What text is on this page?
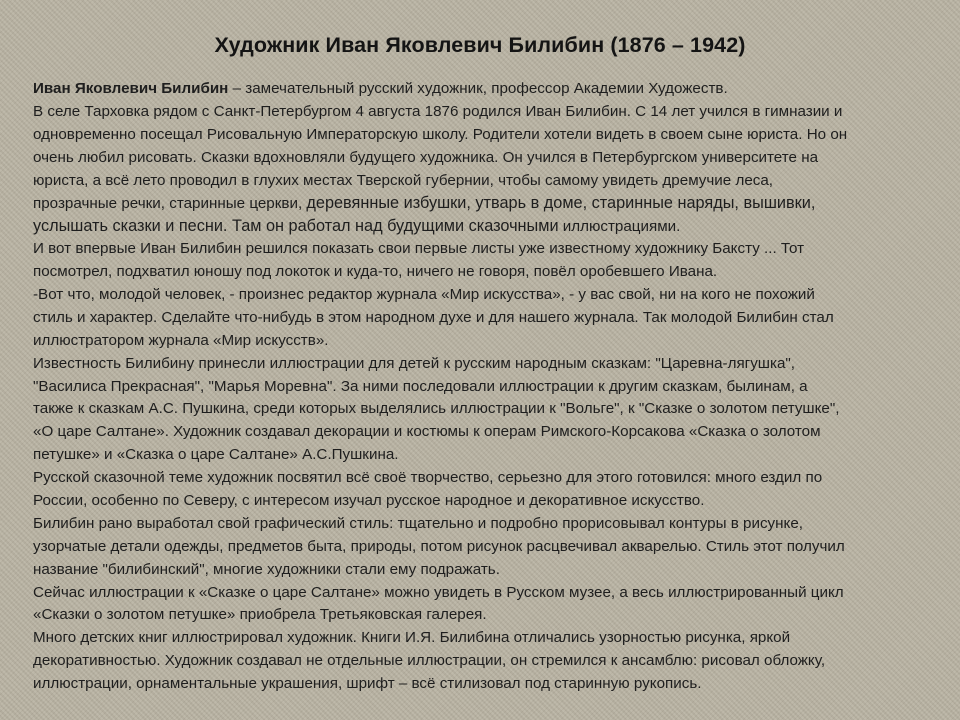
Художник Иван Яковлевич Билибин (1876 – 1942)
Иван Яковлевич Билибин – замечательный русский художник, профессор Академии Художеств.
В селе Тарховка рядом с Санкт-Петербургом 4 августа 1876 родился Иван Билибин. С 14 лет учился в гимназии и
одновременно посещал Рисовальную Императорскую школу. Родители хотели видеть в своем сыне юриста. Но он
очень любил рисовать. Сказки вдохновляли будущего художника. Он учился в Петербургском университете на
юриста, а всё лето проводил в глухих местах Тверской губернии, чтобы самому увидеть дремучие леса,
прозрачные речки, старинные церкви, деревянные избушки, утварь в доме, старинные наряды, вышивки,
услышать сказки и песни. Там он работал над будущими сказочными иллюстрациями.
И вот впервые Иван Билибин решился показать свои первые листы уже известному художнику Баксту ... Тот
посмотрел, подхватил юношу под локоток и куда-то, ничего не говоря, повёл оробевшего Ивана.
-Вот что, молодой человек, - произнес редактор журнала «Мир искусства», - у вас свой, ни на кого не похожий
стиль и характер. Сделайте что-нибудь в этом народном духе и для нашего журнала. Так молодой Билибин стал
иллюстратором журнала «Мир искусств».
Известность Билибину принесли иллюстрации для детей к русским народным сказкам: "Царевна-лягушка",
"Василиса Прекрасная", "Марья Моревна". За ними последовали иллюстрации к другим сказкам, былинам, а
также к сказкам А.С. Пушкина, среди которых выделялись иллюстрации к "Вольге", к "Сказке о золотом петушке",
«О царе Салтане». Художник создавал декорации и костюмы к операм Римского-Корсакова «Сказка о золотом
петушке» и «Сказка о царе Салтане» А.С.Пушкина.
Русской сказочной теме художник посвятил всё своё творчество, серьезно для этого готовился: много ездил по
России, особенно по Северу, с интересом изучал русское народное и декоративное искусство.
Билибин рано выработал свой графический стиль: тщательно и подробно прорисовывал контуры в рисунке,
узорчатые детали одежды, предметов быта, природы, потом рисунок расцвечивал акварелью. Стиль этот получил
название "билибинский", многие художники стали ему подражать.
Сейчас иллюстрации к «Сказке о царе Салтане» можно увидеть в Русском музее, а весь иллюстрированный цикл
«Сказки о золотом петушке» приобрела Третьяковская галерея.
Много детских книг иллюстрировал художник. Книги И.Я. Билибина отличались узорностью рисунка, яркой
декоративностью. Художник создавал не отдельные иллюстрации, он стремился к ансамблю: рисовал обложку,
иллюстрации, орнаментальные украшения, шрифт – всё стилизовал под старинную рукопись.
